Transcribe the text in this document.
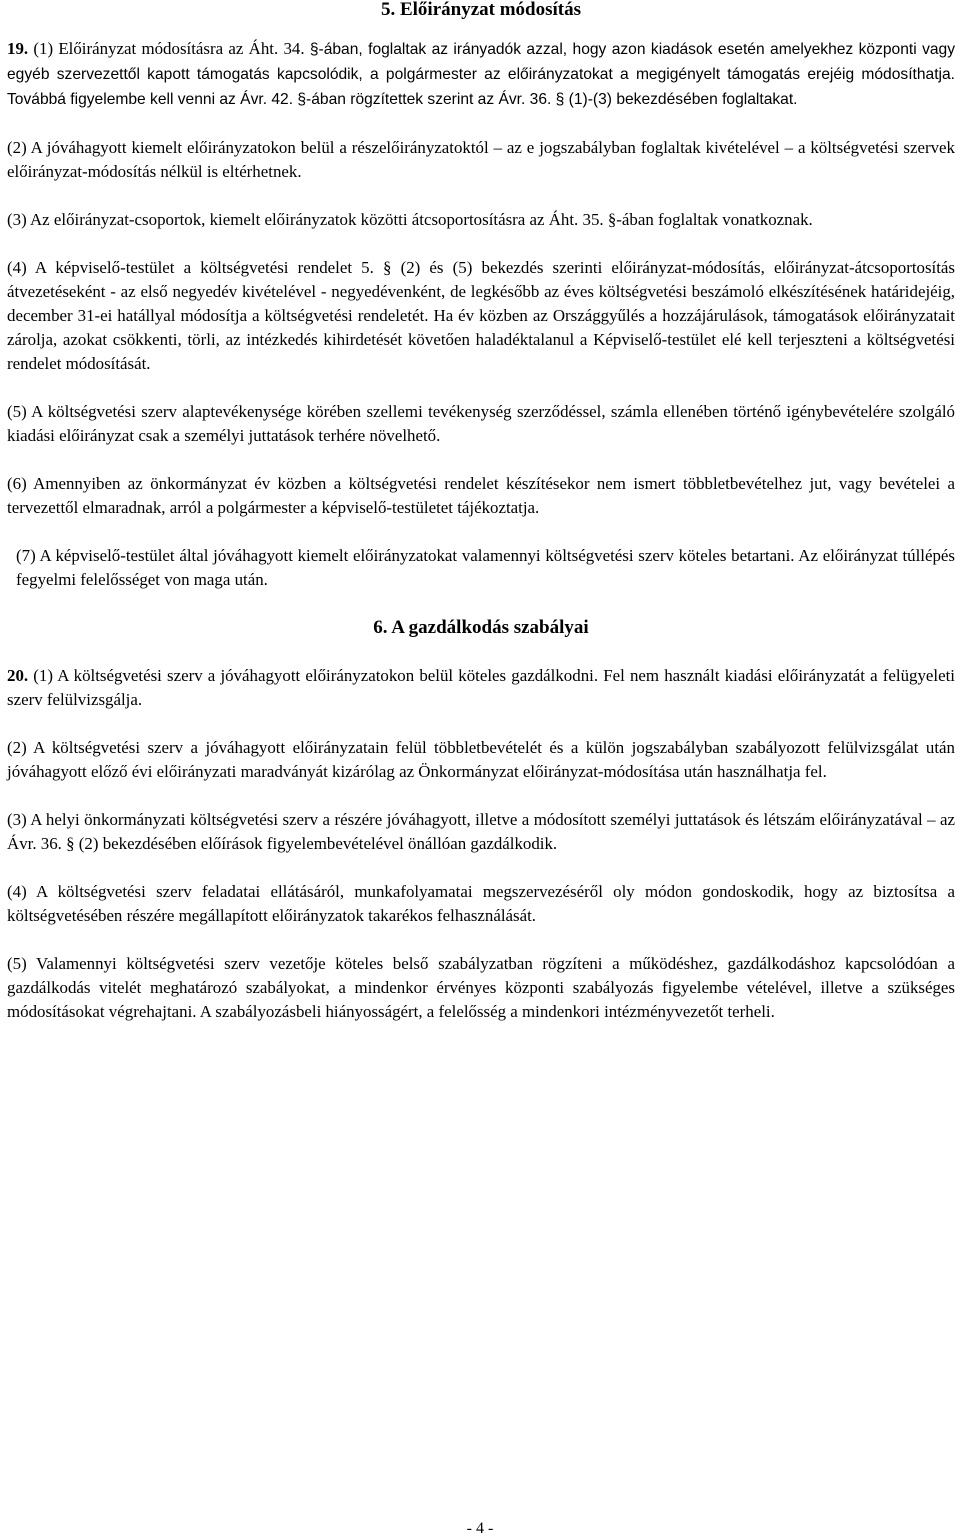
5. Előirányzat módosítás

19. (1) Előirányzat módosításra az Áht. 34. §-ában, foglaltak az irányadók azzal, hogy azon kiadások esetén amelyekhez központi vagy egyéb szervezettől kapott támogatás kapcsolódik, a polgármester az előirányzatokat a megigényelt támogatás erejéig módosíthatja. Továbbá figyelembe kell venni az Ávr. 42. §-ában rögzítettek szerint az Ávr. 36. § (1)-(3) bekezdésében foglaltakat.

(2) A jóváhagyott kiemelt előirányzatokon belül a részelőirányzatoktól – az e jogszabályban foglaltak kivételével – a költségvetési szervek előirányzat-módosítás nélkül is eltérhetnek.

(3) Az előirányzat-csoportok, kiemelt előirányzatok közötti átcsoportosításra az Áht. 35. §-ában foglaltak vonatkoznak.

(4) A képviselő-testület a költségvetési rendelet 5. § (2) és (5) bekezdés szerinti előirányzat-módosítás, előirányzat-átcsoportosítás átvezetéseként - az első negyedév kivételével - negyedévenként, de legkésőbb az éves költségvetési beszámoló elkészítésének határidejéig, december 31-ei hatállyal módosítja a költségvetési rendeletét. Ha év közben az Országgyűlés a hozzájárulások, támogatások előirányzatait zárolja, azokat csökkenti, törli, az intézkedés kihirdetését követően haladéktalanul a Képviselő-testület elé kell terjeszteni a költségvetési rendelet módosítását.

(5) A költségvetési szerv alaptevékenysége körében szellemi tevékenység szerződéssel, számla ellenében történő igénybevételére szolgáló kiadási előirányzat csak a személyi juttatások terhére növelhető.

(6) Amennyiben az önkormányzat év közben a költségvetési rendelet készítésekor nem ismert többletbevételhez jut, vagy bevételei a tervezettől elmaradnak, arról a polgármester a képviselő-testületet tájékoztatja.

(7) A képviselő-testület által jóváhagyott kiemelt előirányzatokat valamennyi költségvetési szerv köteles betartani. Az előirányzat túllépés fegyelmi felelősséget von maga után.

6. A gazdálkodás szabályai

20. (1) A költségvetési szerv a jóváhagyott előirányzatokon belül köteles gazdálkodni. Fel nem használt kiadási előirányzatát a felügyeleti szerv felülvizsgálja.

(2) A költségvetési szerv a jóváhagyott előirányzatain felül többletbevételét és a külön jogszabályban szabályozott felülvizsgálat után jóváhagyott előző évi előirányzati maradványát kizárólag az Önkormányzat előirányzat-módosítása után használhatja fel.

(3) A helyi önkormányzati költségvetési szerv a részére jóváhagyott, illetve a módosított személyi juttatások és létszám előirányzatával – az Ávr. 36. § (2) bekezdésében előírások figyelembevételével önállóan gazdálkodik.

(4) A költségvetési szerv feladatai ellátásáról, munkafolyamatai megszervezéséről oly módon gondoskodik, hogy az biztosítsa a költségvetésében részére megállapított előirányzatok takarékos felhasználását.

(5) Valamennyi költségvetési szerv vezetője köteles belső szabályzatban rögzíteni a működéshez, gazdálkodáshoz kapcsolódóan a gazdálkodás vitelét meghatározó szabályokat, a mindenkor érvényes központi szabályozás figyelembe vételével, illetve a szükséges módosításokat végrehajtani. A szabályozásbeli hiányosságért, a felelősség a mindenkori intézményvezetőt terheli.

- 4 -
